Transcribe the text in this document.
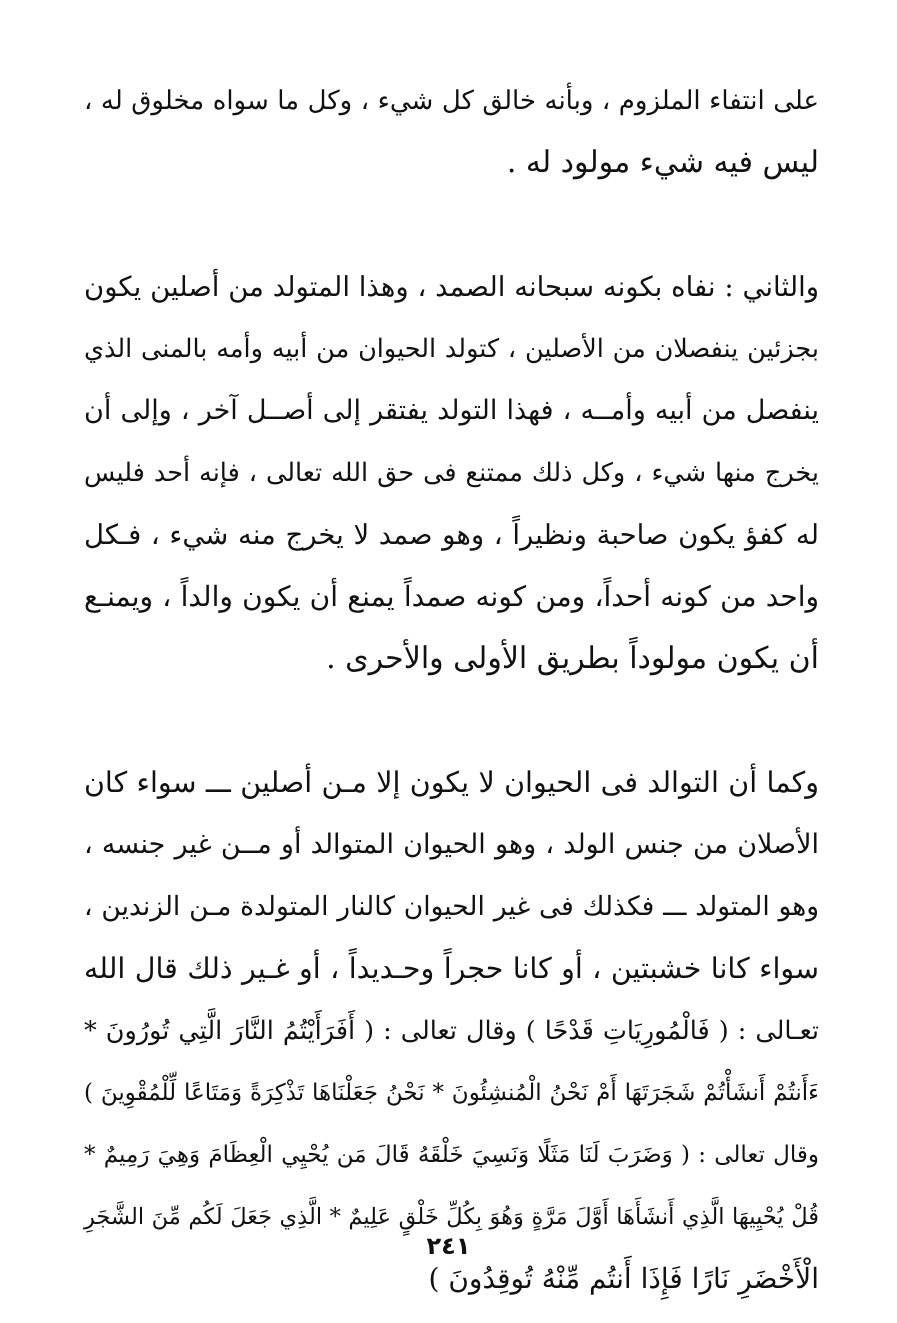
على انتفاء الملزوم ، وبأنه خالق كل شيء ، وكل ما سواه مخلوق له ،
ليس فيه شيء مولود له .
والثاني : نفاه بكونه سبحانه الصمد ، وهذا المتولد من أصلين يكون
بجزئين ينفصلان من الأصلين ، كتولد الحيوان من أبيه وأمه بالمنى الذي
ينفصل من أبيه وأمــه ، فهذا التولد يفتقر إلى أصــل آخر ، وإلى أن
يخرج منها شيء ، وكل ذلك ممتنع فى حق الله تعالى ، فإنه أحد فليس
له كفؤ يكون صاحبة ونظيراً ، وهو صمد لا يخرج منه شيء ، فـكل
واحد من كونه أحداً، ومن كونه صمداً يمنع أن يكون والداً ، ويمنـع
أن يكون مولوداً بطريق الأولى والأحرى .
وكما أن التوالد فى الحيوان لا يكون إلا مـن أصلين ـــ سواء كان
الأصلان من جنس الولد ، وهو الحيوان المتوالد أو مــن غير جنسه ،
وهو المتولد ـــ فكذلك فى غير الحيوان كالنار المتولدة مـن الزندين ،
سواء كانا خشبتين ، أو كانا حجراً وحـديداً ، أو غـير ذلك قال الله
تعـالى : ( فَالْمُورِيَاتِ قَدْحًا ) وقال تعالى : ( أَفَرَأَيْتُمُ النَّارَ الَّتِي تُورُونَ *
ءَأَنتُمْ أَنشَأْتُمْ شَجَرَتَهَا أَمْ نَحْنُ الْمُنشِئُونَ * نَحْنُ جَعَلْنَاهَا تَذْكِرَةً وَمَتَاعًا لِّلْمُقْوِينَ )
وقال تعالى : ( وَضَرَبَ لَنَا مَثَلًا وَنَسِيَ خَلْقَهُ قَالَ مَن يُحْيِي الْعِظَامَ وَهِيَ رَمِيمٌ *
قُلْ يُحْيِيهَا الَّذِي أَنشَأَهَا أَوَّلَ مَرَّةٍ وَهُوَ بِكُلِّ خَلْقٍ عَلِيمٌ * الَّذِي جَعَلَ لَكُم مِّنَ الشَّجَرِ
الْأَخْضَرِ نَارًا فَإِذَا أَنتُم مِّنْهُ تُوقِدُونَ )
٢٤١
